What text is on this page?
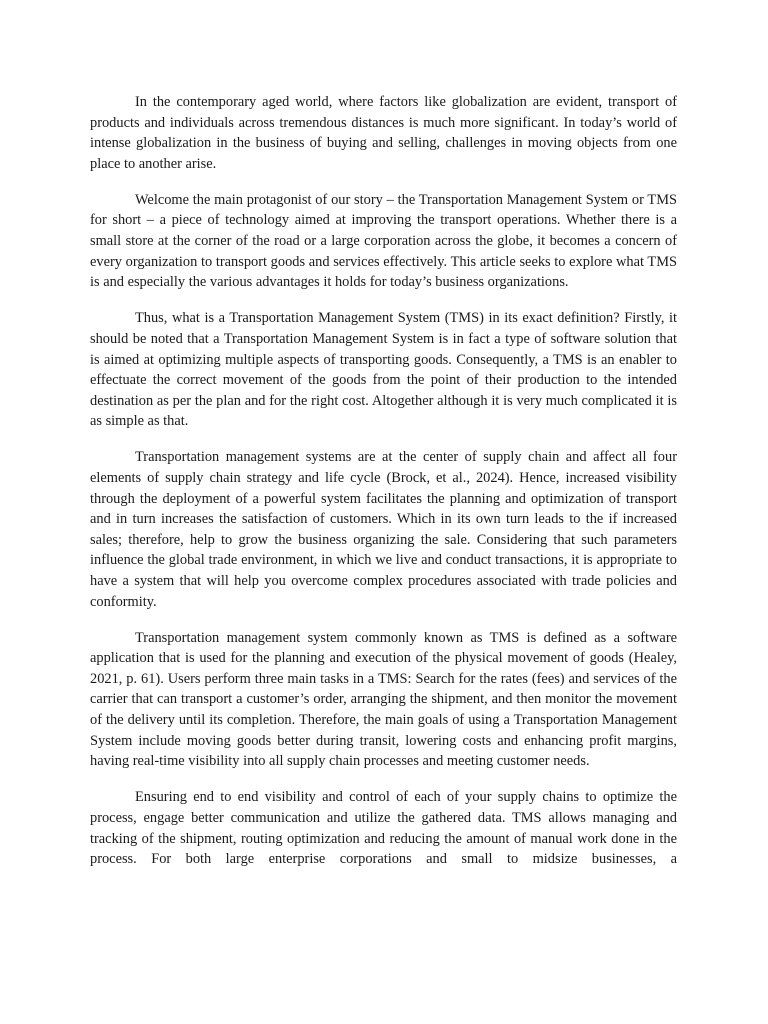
In the contemporary aged world, where factors like globalization are evident, transport of products and individuals across tremendous distances is much more significant. In today’s world of intense globalization in the business of buying and selling, challenges in moving objects from one place to another arise.

Welcome the main protagonist of our story – the Transportation Management System or TMS for short – a piece of technology aimed at improving the transport operations. Whether there is a small store at the corner of the road or a large corporation across the globe, it becomes a concern of every organization to transport goods and services effectively. This article seeks to explore what TMS is and especially the various advantages it holds for today’s business organizations.

Thus, what is a Transportation Management System (TMS) in its exact definition? Firstly, it should be noted that a Transportation Management System is in fact a type of software solution that is aimed at optimizing multiple aspects of transporting goods. Consequently, a TMS is an enabler to effectuate the correct movement of the goods from the point of their production to the intended destination as per the plan and for the right cost. Altogether although it is very much complicated it is as simple as that.

Transportation management systems are at the center of supply chain and affect all four elements of supply chain strategy and life cycle (Brock, et al., 2024). Hence, increased visibility through the deployment of a powerful system facilitates the planning and optimization of transport and in turn increases the satisfaction of customers. Which in its own turn leads to the if increased sales; therefore, help to grow the business organizing the sale. Considering that such parameters influence the global trade environment, in which we live and conduct transactions, it is appropriate to have a system that will help you overcome complex procedures associated with trade policies and conformity.

Transportation management system commonly known as TMS is defined as a software application that is used for the planning and execution of the physical movement of goods (Healey, 2021, p. 61). Users perform three main tasks in a TMS: Search for the rates (fees) and services of the carrier that can transport a customer’s order, arranging the shipment, and then monitor the movement of the delivery until its completion. Therefore, the main goals of using a Transportation Management System include moving goods better during transit, lowering costs and enhancing profit margins, having real-time visibility into all supply chain processes and meeting customer needs.

Ensuring end to end visibility and control of each of your supply chains to optimize the process, engage better communication and utilize the gathered data. TMS allows managing and tracking of the shipment, routing optimization and reducing the amount of manual work done in the process. For both large enterprise corporations and small to midsize businesses, a
